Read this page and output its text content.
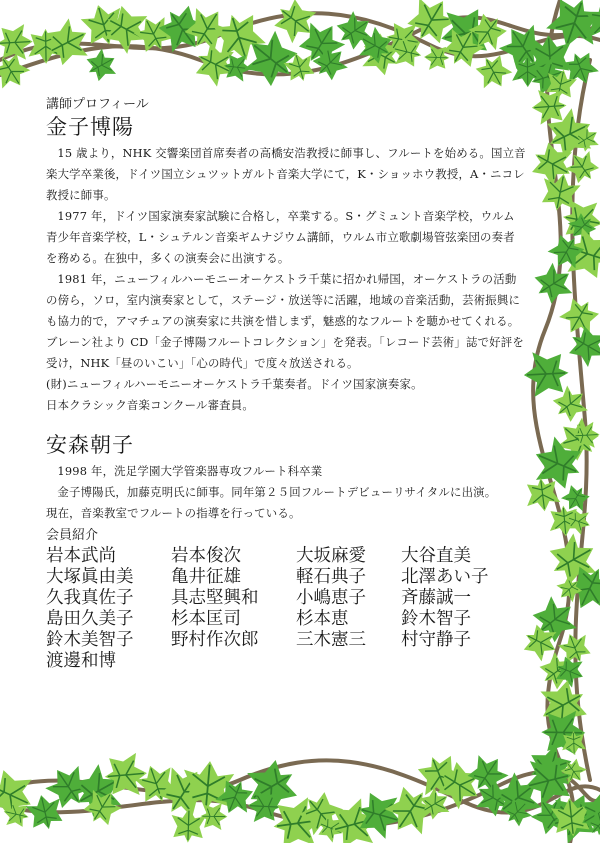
講師プロフィール

金子博陽

15 歳より，NHK 交響楽団首席奏者の高橋安浩教授に師事し、フルートを始める。国立音楽大学卒業後，ドイツ国立シュツットガルト音楽大学にて，K・ショッホウ教授，A・ニコレ教授に師事。

1977 年，ドイツ国家演奏家試験に合格し，卒業する。S・グミュント音楽学校，ウルム青少年音楽学校，L・シュテルン音楽ギムナジウム講師，ウルム市立歌劇場管弦楽団の奏者を務める。在独中，多くの演奏会に出演する。

1981 年，ニューフィルハーモニーオーケストラ千葉に招かれ帰国，オーケストラの活動の傍ら，ソロ，室内演奏家として，ステージ・放送等に活躍，地域の音楽活動，芸術振興にも協力的で，アマチュアの演奏家に共演を惜しまず，魅惑的なフルートを聴かせてくれる。

ブレーン社より CD「金子博陽フルートコレクション」を発表。「レコード芸術」誌で好評を受け，NHK「昼のいこい」「心の時代」で度々放送される。

(財)ニューフィルハーモニーオーケストラ千葉奏者。ドイツ国家演奏家。

日本クラシック音楽コンクール審査員。

安森朝子

1998 年，洗足学園大学管楽器専攻フルート科卒業

金子博陽氏，加藤克明氏に師事。同年第２５回フルートデビューリサイタルに出演。

現在，音楽教室でフルートの指導を行っている。

会員紹介

岩本武尚	岩本俊次	大坂麻愛	大谷直美
大塚眞由美	亀井征雄	軽石典子	北澤あい子
久我真佐子	具志堅興和	小嶋恵子	斉藤誠一
島田久美子	杉本匡司	杉本恵	鈴木智子
鈴木美智子	野村作次郎	三木憲三	村守静子
渡邊和博
